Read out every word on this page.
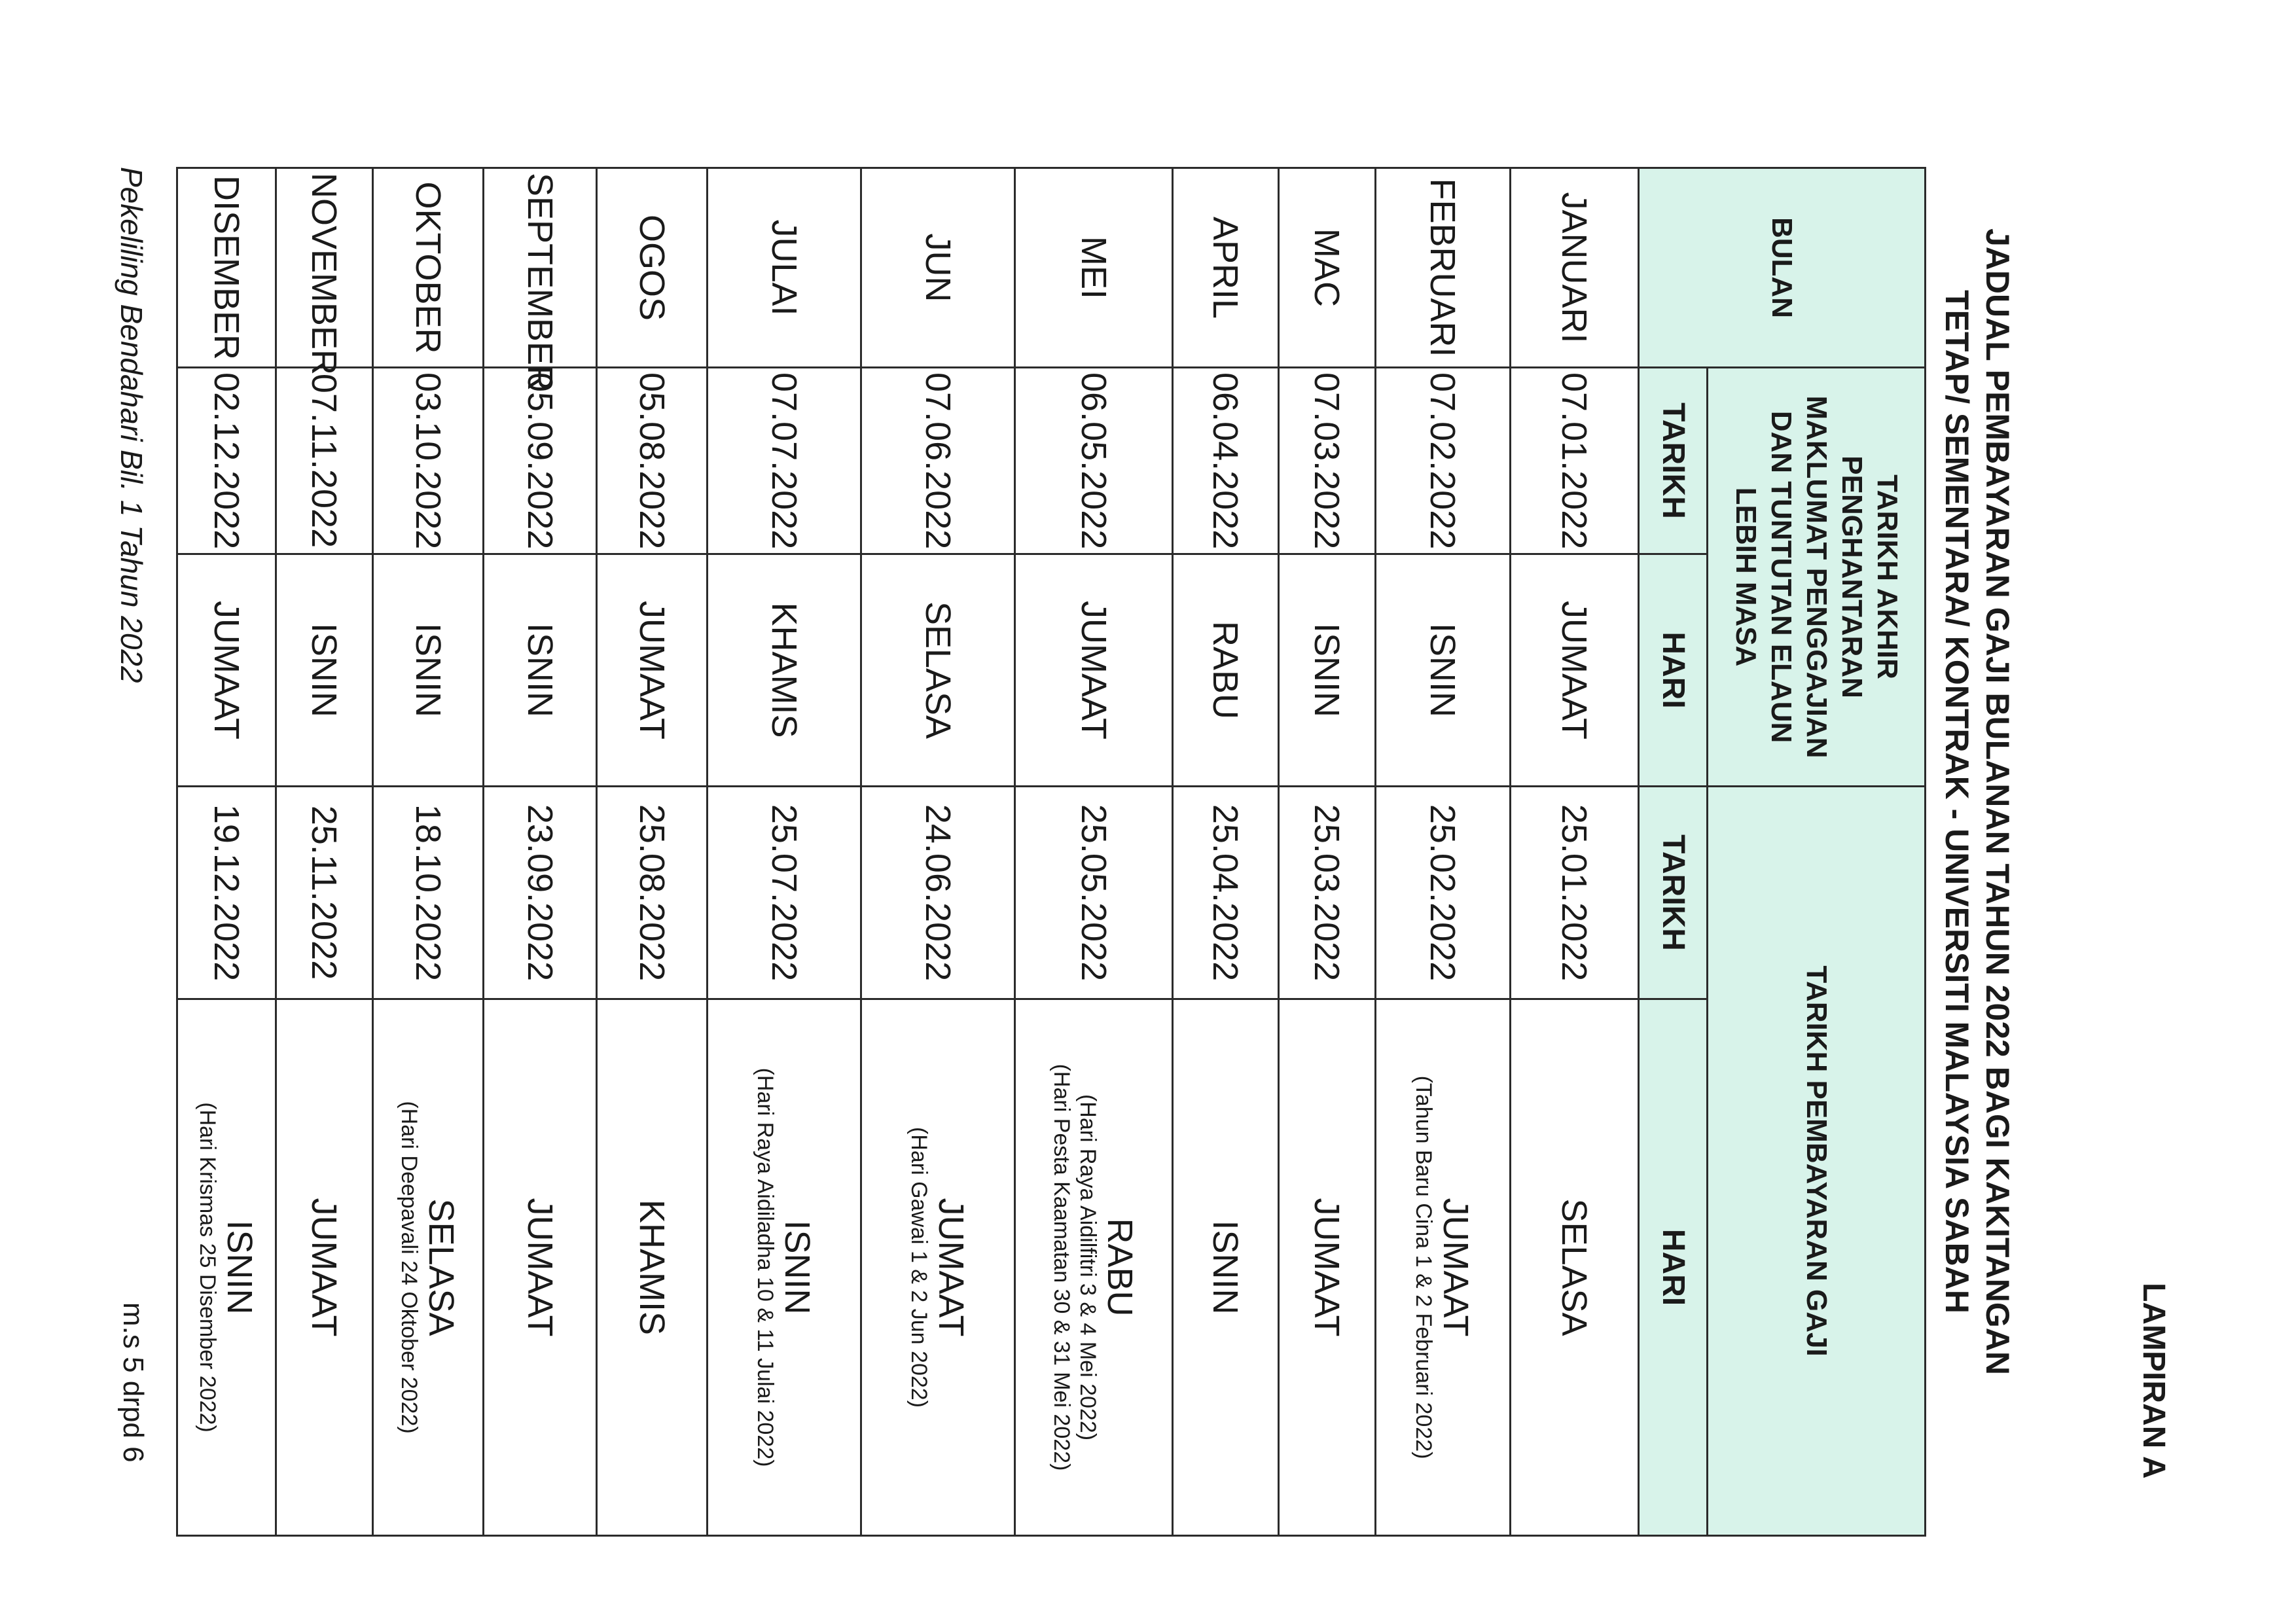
LAMPIRAN A
JADUAL PEMBAYARAN GAJI BULANAN TAHUN 2022 BAGI KAKITANGAN
TETAP/ SEMENTARA/ KONTRAK - UNIVERSITI MALAYSIA SABAH
BULAN	TARIKH AKHIR PENGHANTARAN MAKLUMAT PENGGAJIAN DAN TUNTUTAN ELAUN LEBIH MASA		TARIKH PEMBAYARAN GAJI	
	TARIKH	HARI	TARIKH	HARI
JANUARI	07.01.2022	JUMAAT	25.01.2022	SELASA
FEBRUARI	07.02.2022	ISNIN	25.02.2022	JUMAAT
(Tahun Baru Cina 1 & 2 Februari 2022)

MAC	07.03.2022	ISNIN	25.03.2022	JUMAAT
APRIL	06.04.2022	RABU	25.04.2022	ISNIN
MEI	06.05.2022	JUMAAT	25.05.2022	RABU
(Hari Raya Aidilfitri 3 & 4 Mei 2022)
(Hari Pesta Kaamatan 30 & 31 Mei 2022)

JUN	07.06.2022	SELASA	24.06.2022	JUMAAT
(Hari Gawai 1 & 2 Jun 2022)

JULAI	07.07.2022	KHAMIS	25.07.2022	ISNIN
(Hari Raya Aidiladha 10 & 11 Julai 2022)

OGOS	05.08.2022	JUMAAT	25.08.2022	KHAMIS
SEPTEMBER	05.09.2022	ISNIN	23.09.2022	JUMAAT
OKTOBER	03.10.2022	ISNIN	18.10.2022	SELASA
(Hari Deepavali 24 Oktober 2022)

NOVEMBER	07.11.2022	ISNIN	25.11.2022	JUMAAT
DISEMBER	02.12.2022	JUMAAT	19.12.2022	ISNIN
(Hari Krismas 25 Disember 2022)
Pekeliling Bendahari Bil. 1 Tahun 2022
m.s 5 drpd 6
